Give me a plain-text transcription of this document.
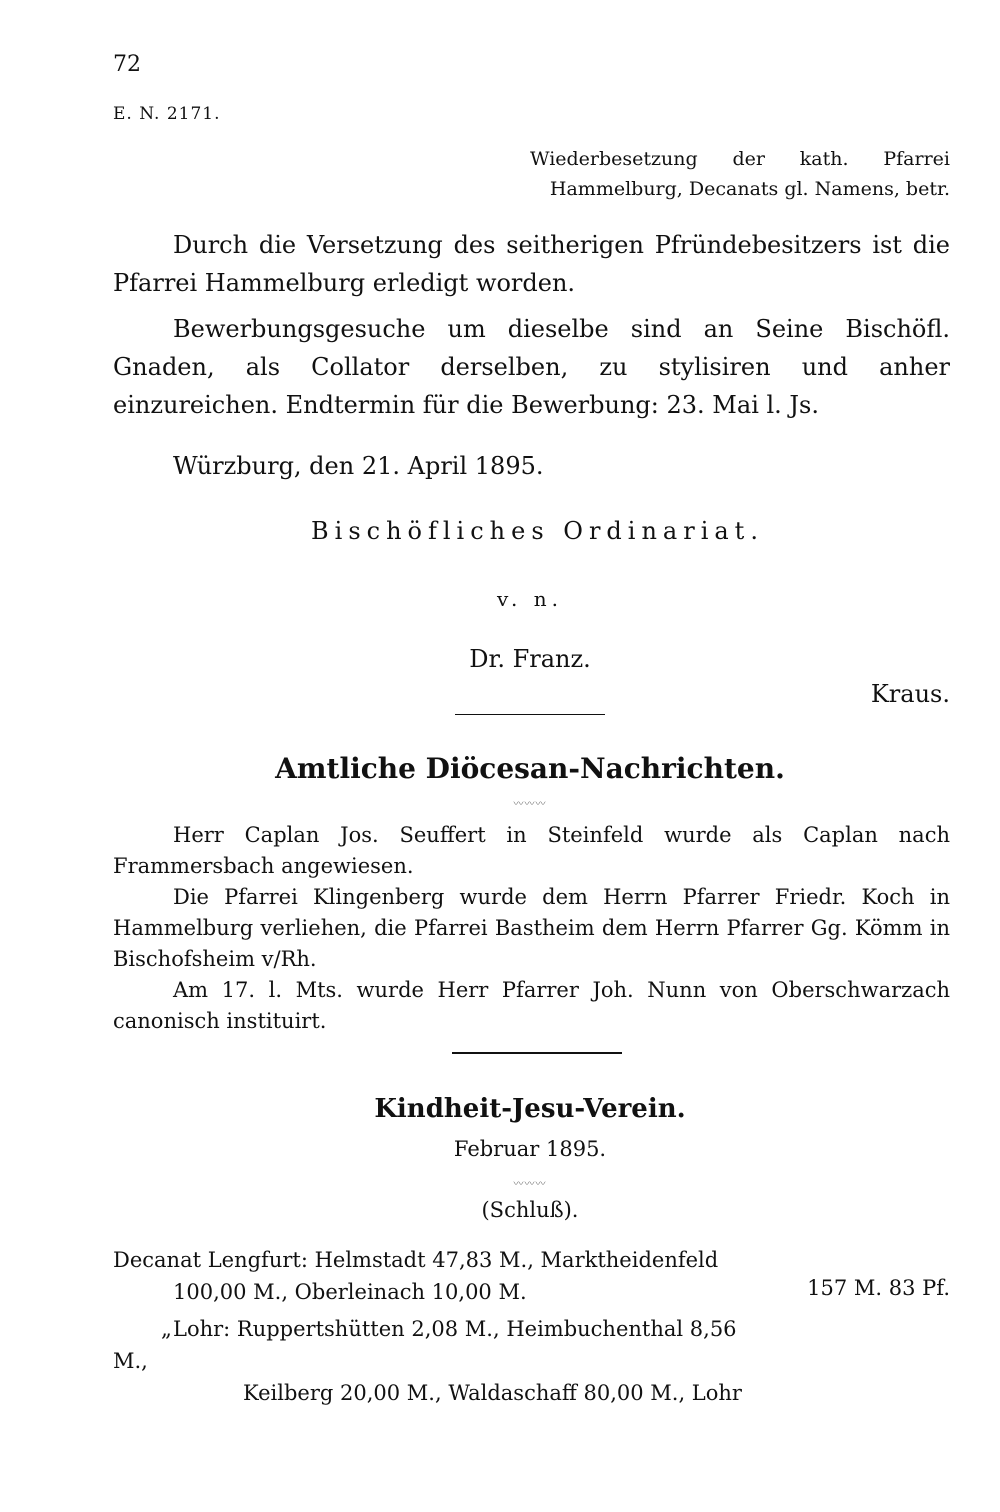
72
E. N. 2171.
Wiederbesetzung der kath. Pfarrei Hammelburg, Decanats gl. Namens, betr.

Durch die Versetzung des seitherigen Pfründebesitzers ist die Pfarrei Hammelburg erledigt worden.

Bewerbungsgesuche um dieselbe sind an Seine Bischöfl. Gnaden, als Collator derselben, zu stylisiren und anher einzureichen. Endtermin für die Bewerbung: 23. Mai l. Js.

Würzburg, den 21. April 1895.
Bischöfliches Ordinariat.
v. n.
Dr. Franz.
Kraus.
Amtliche Diöcesan-Nachrichten.
〰〰〰

Herr Caplan Jos. Seuffert in Steinfeld wurde als Caplan nach Frammersbach angewiesen.

Die Pfarrei Klingenberg wurde dem Herrn Pfarrer Friedr. Koch in Hammelburg verliehen, die Pfarrei Bastheim dem Herrn Pfarrer Gg. Kömm in Bischofsheim v/Rh.

Am 17. l. Mts. wurde Herr Pfarrer Joh. Nunn von Oberschwarzach canonisch instituirt.

Kindheit-Jesu-Verein.
Februar 1895.
〰〰〰
(Schluß).
Decanat Lengfurt: Helmstadt 47,83 M., Marktheidenfeld
100,00 M., Oberleinach 10,00 M.	157 M. 83 Pf.
„Lohr: Ruppertshütten 2,08 M., Heimbuchenthal 8,56 M.,
Keilberg 20,00 M., Waldaschaff 80,00 M., Lohr
